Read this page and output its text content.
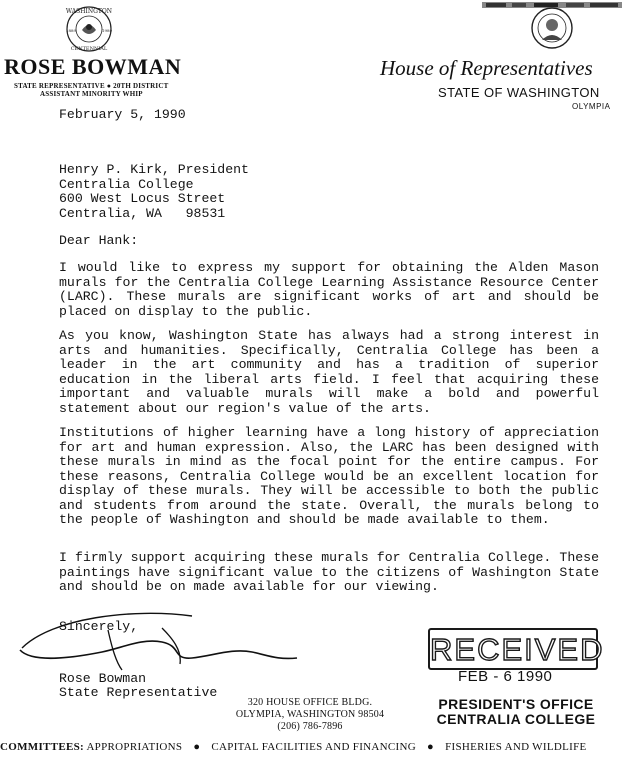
WASHINGTON
CENTENNIAL
1889	1989
ROSE BOWMAN
STATE REPRESENTATIVE ● 20TH DISTRICT
ASSISTANT MINORITY WHIP
House of Representatives
STATE OF WASHINGTON
OLYMPIA
February 5, 1990
Henry P. Kirk, President
Centralia College
600 West Locus Street
Centralia, WA   98531
Dear Hank:

I would like to express my support for obtaining the Alden Mason murals for the Centralia College Learning Assistance Resource Center (LARC). These murals are significant works of art and should be placed on display to the public.

As you know, Washington State has always had a strong interest in arts and humanities. Specifically, Centralia College has been a leader in the art community and has a tradition of superior education in the liberal arts field. I feel that acquiring these important and valuable murals will make a bold and powerful statement about our region's value of the arts.

Institutions of higher learning have a long history of appreciation for art and human expression. Also, the LARC has been designed with these murals in mind as the focal point for the entire campus. For these reasons, Centralia College would be an excellent location for display of these murals. They will be accessible to both the public and students from around the state. Overall, the murals belong to the people of Washington and should be made available to them.

I firmly support acquiring these murals for Centralia College. These paintings have significant value to the citizens of Washington State and should be on made available for our viewing.

Sincerely,
Rose Bowman
State Representative
320 HOUSE OFFICE BLDG.
OLYMPIA, WASHINGTON 98504
(206) 786-7896
RECEIVED
FEB - 6 1990
PRESIDENT'S OFFICE
CENTRALIA COLLEGE
COMMITTEES: APPROPRIATIONS ● CAPITAL FACILITIES AND FINANCING ● FISHERIES AND WILDLIFE
